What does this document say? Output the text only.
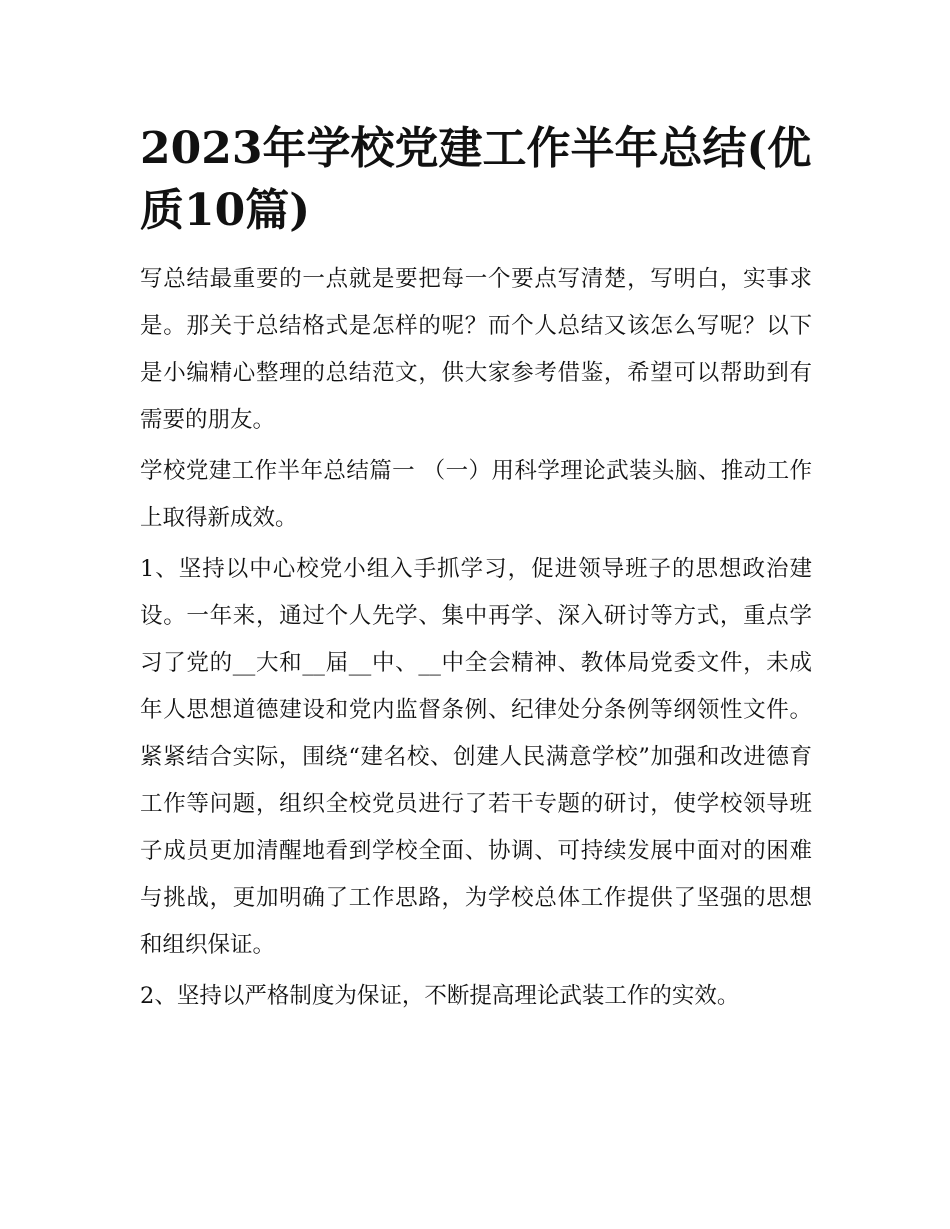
2023年学校党建工作半年总结(优质10篇)

写总结最重要的一点就是要把每一个要点写清楚，写明白，实事求是。那关于总结格式是怎样的呢？而个人总结又该怎么写呢？以下是小编精心整理的总结范文，供大家参考借鉴，希望可以帮助到有需要的朋友。

学校党建工作半年总结篇一 （一）用科学理论武装头脑、推动工作上取得新成效。

1、坚持以中心校党小组入手抓学习，促进领导班子的思想政治建设。一年来，通过个人先学、集中再学、深入研讨等方式，重点学习了党的__大和__届__中、__中全会精神、教体局党委文件，未成年人思想道德建设和党内监督条例、纪律处分条例等纲领性文件。紧紧结合实际，围绕“建名校、创建人民满意学校”加强和改进德育工作等问题，组织全校党员进行了若干专题的研讨，使学校领导班子成员更加清醒地看到学校全面、协调、可持续发展中面对的困难与挑战，更加明确了工作思路，为学校总体工作提供了坚强的思想和组织保证。

2、坚持以严格制度为保证，不断提高理论武装工作的实效。
